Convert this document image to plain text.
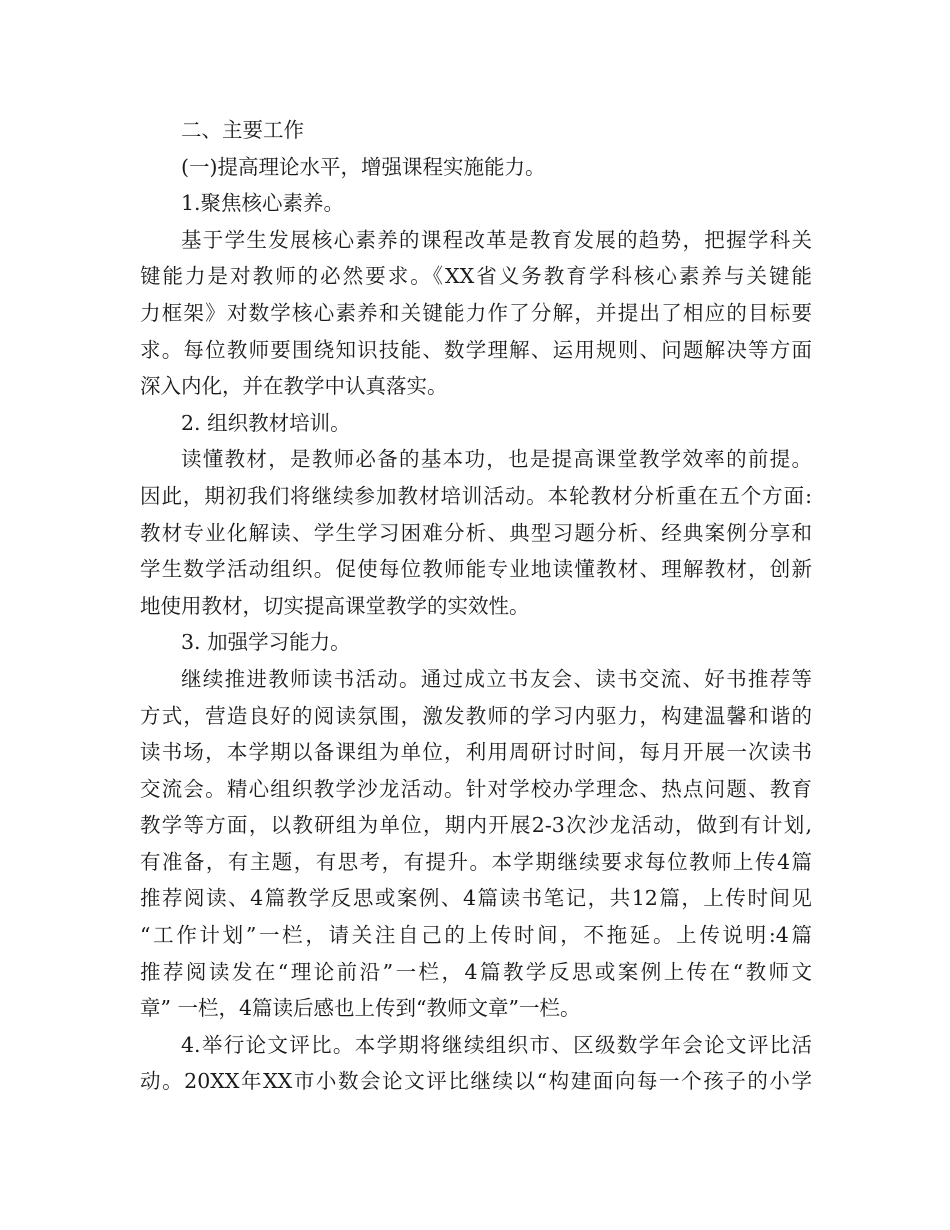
二、主要工作
(一)提高理论水平，增强课程实施能力。
1.聚焦核心素养。
基于学生发展核心素养的课程改革是教育发展的趋势，把握学科关
键能力是对教师的必然要求。《XX省义务教育学科核心素养与关键能
力框架》对数学核心素养和关键能力作了分解，并提出了相应的目标要
求。每位教师要围绕知识技能、数学理解、运用规则、问题解决等方面
深入内化，并在教学中认真落实。
2. 组织教材培训。
读懂教材，是教师必备的基本功，也是提高课堂教学效率的前提。
因此，期初我们将继续参加教材培训活动。本轮教材分析重在五个方面:
教材专业化解读、学生学习困难分析、典型习题分析、经典案例分享和
学生数学活动组织。促使每位教师能专业地读懂教材、理解教材，创新
地使用教材，切实提高课堂教学的实效性。
3. 加强学习能力。
继续推进教师读书活动。通过成立书友会、读书交流、好书推荐等
方式，营造良好的阅读氛围，激发教师的学习内驱力，构建温馨和谐的
读书场，本学期以备课组为单位，利用周研讨时间，每月开展一次读书
交流会。精心组织教学沙龙活动。针对学校办学理念、热点问题、教育
教学等方面，以教研组为单位，期内开展2-3次沙龙活动，做到有计划,
有准备，有主题，有思考，有提升。本学期继续要求每位教师上传4篇
推荐阅读、4篇教学反思或案例、4篇读书笔记，共12篇，上传时间见
“工作计划”一栏，请关注自己的上传时间，不拖延。上传说明:4篇
推荐阅读发在“理论前沿”一栏，4篇教学反思或案例上传在“教师文
章” 一栏，4篇读后感也上传到“教师文章”一栏。
4.举行论文评比。本学期将继续组织市、区级数学年会论文评比活
动。20XX年XX市小数会论文评比继续以“构建面向每一个孩子的小学
